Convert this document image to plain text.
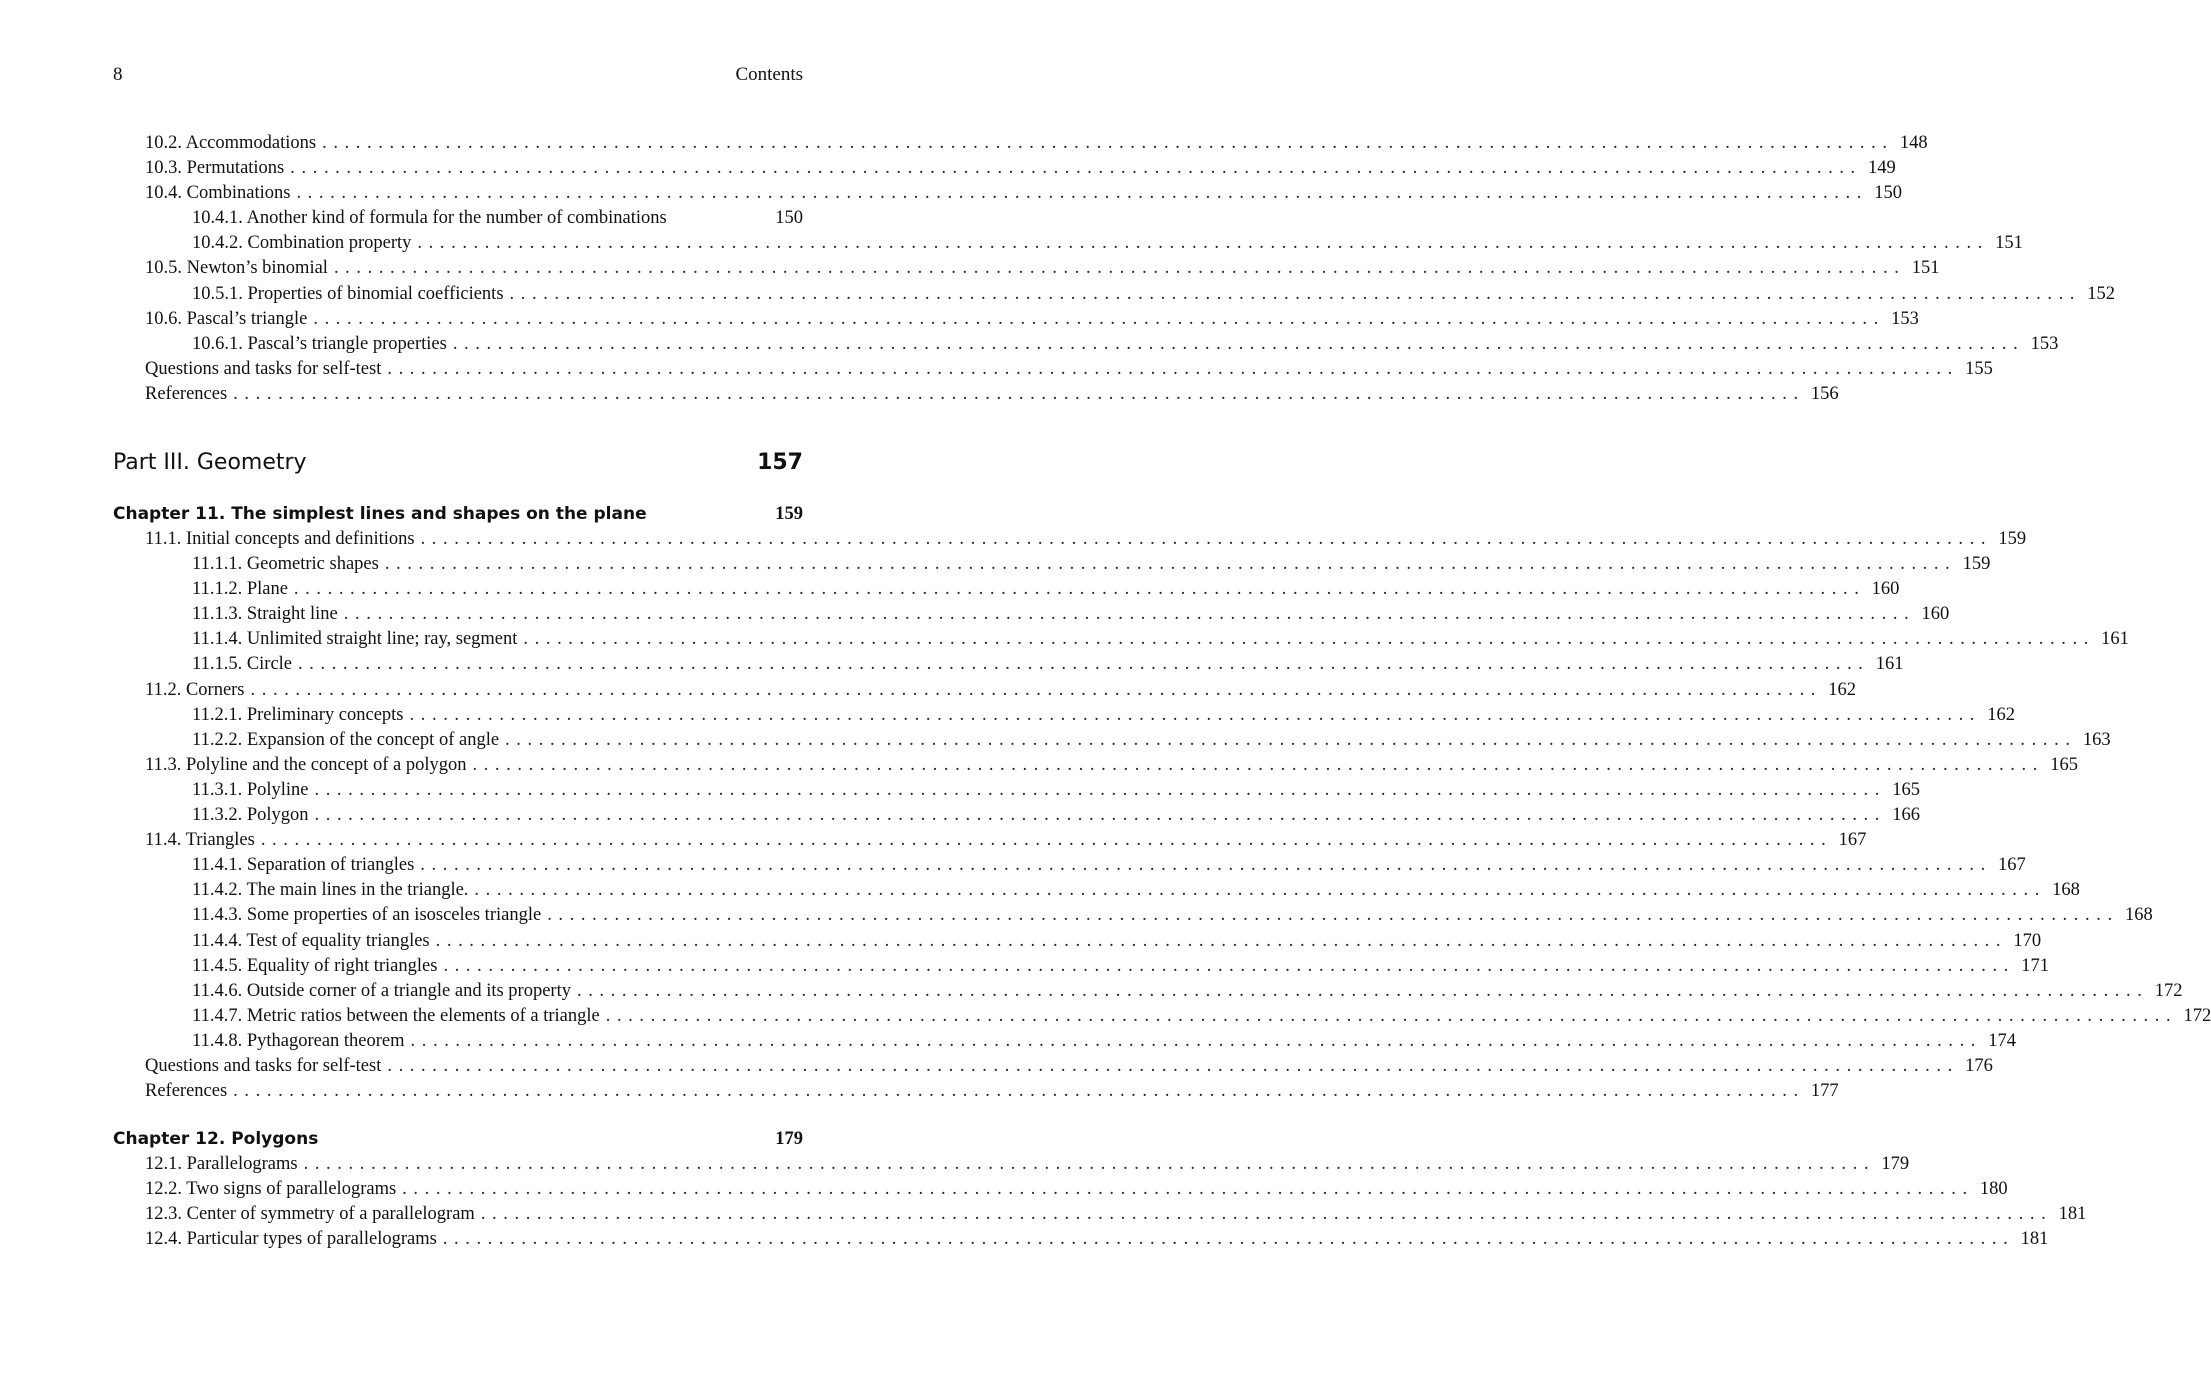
8	Contents
10.2. Accommodations ............................................................................................................................................ 148
10.3. Permutations ............................................................................................................................................ 149
10.4. Combinations ............................................................................................................................................ 150
10.4.1. Another kind of formula for the number of combinations	150
10.4.2. Combination property ............................................................................................................................................ 151
10.5. Newton’s binomial ............................................................................................................................................ 151
10.5.1. Properties of binomial coefficients ............................................................................................................................................ 152
10.6. Pascal’s triangle ............................................................................................................................................ 153
10.6.1. Pascal’s triangle properties ............................................................................................................................................ 153
Questions and tasks for self-test ............................................................................................................................................ 155
References ............................................................................................................................................ 156
Part III. Geometry	157
Chapter 11. The simplest lines and shapes on the plane	159
11.1. Initial concepts and definitions ............................................................................................................................................ 159
11.1.1. Geometric shapes ............................................................................................................................................ 159
11.1.2. Plane ............................................................................................................................................ 160
11.1.3. Straight line ............................................................................................................................................ 160
11.1.4. Unlimited straight line; ray, segment ............................................................................................................................................ 161
11.1.5. Circle ............................................................................................................................................ 161
11.2. Corners ............................................................................................................................................ 162
11.2.1. Preliminary concepts ............................................................................................................................................ 162
11.2.2. Expansion of the concept of angle ............................................................................................................................................ 163
11.3. Polyline and the concept of a polygon ............................................................................................................................................ 165
11.3.1. Polyline ............................................................................................................................................ 165
11.3.2. Polygon ............................................................................................................................................ 166
11.4. Triangles ............................................................................................................................................ 167
11.4.1. Separation of triangles ............................................................................................................................................ 167
11.4.2. The main lines in the triangle. ............................................................................................................................................ 168
11.4.3. Some properties of an isosceles triangle ............................................................................................................................................ 168
11.4.4. Test of equality triangles ............................................................................................................................................ 170
11.4.5. Equality of right triangles ............................................................................................................................................ 171
11.4.6. Outside corner of a triangle and its property ............................................................................................................................................ 172
11.4.7. Metric ratios between the elements of a triangle ............................................................................................................................................ 172
11.4.8. Pythagorean theorem ............................................................................................................................................ 174
Questions and tasks for self-test ............................................................................................................................................ 176
References ............................................................................................................................................ 177
Chapter 12. Polygons	179
12.1. Parallelograms ............................................................................................................................................ 179
12.2. Two signs of parallelograms ............................................................................................................................................ 180
12.3. Center of symmetry of a parallelogram ............................................................................................................................................ 181
12.4. Particular types of parallelograms ............................................................................................................................................ 181
